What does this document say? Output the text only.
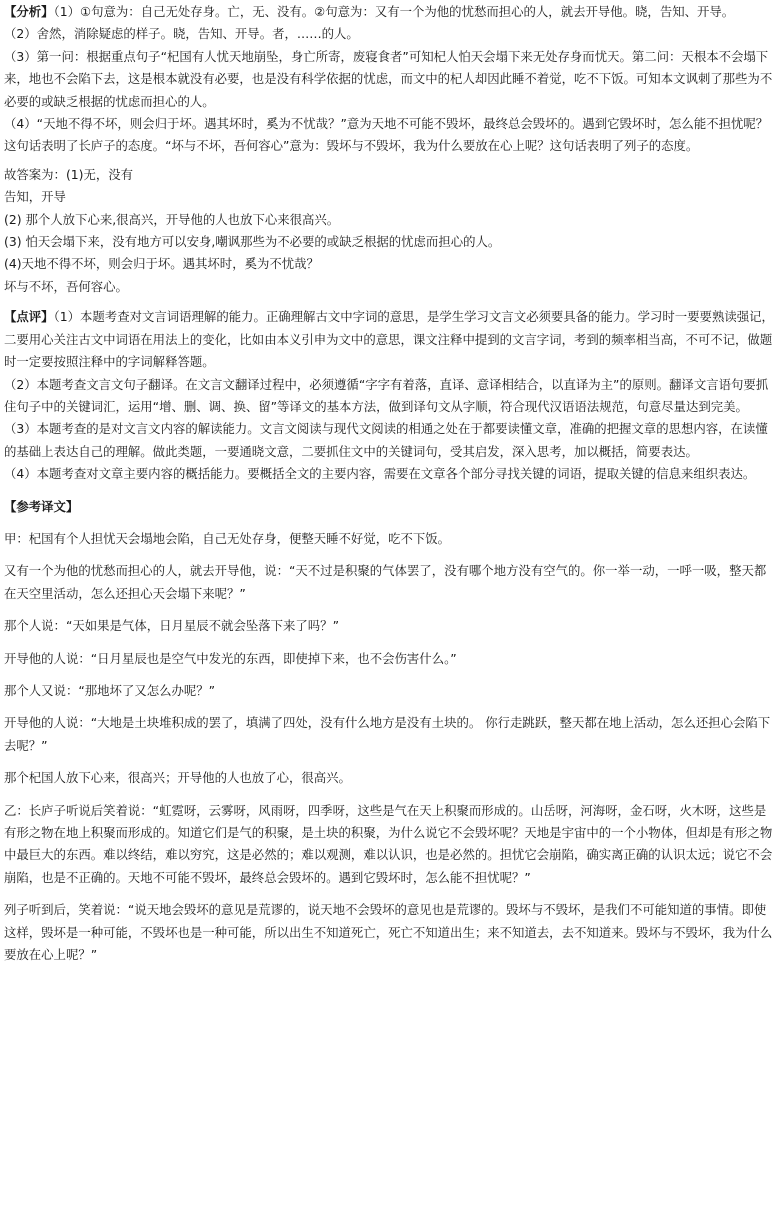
【分析】（1）①句意为：自己无处存身。亡，无、没有。②句意为：又有一个为他的忧愁而担心的人，就去开导他。晓，告知、开导。

（2）舍然，消除疑虑的样子。晓，告知、开导。者，……的人。

（3）第一问：根据重点句子“杞国有人忧天地崩坠，身亡所寄，废寝食者”可知杞人怕天会塌下来无处存身而忧天。第二问：天根本不会塌下来，地也不会陷下去，这是根本就没有必要，也是没有科学依据的忧虑，而文中的杞人却因此睡不着觉，吃不下饭。可知本文讽刺了那些为不必要的或缺乏根据的忧虑而担心的人。

（4）“天地不得不坏，则会归于坏。遇其坏时，奚为不忧哉？”意为天地不可能不毁坏，最终总会毁坏的。遇到它毁坏时，怎么能不担忧呢？这句话表明了长庐子的态度。“坏与不坏，吾何容心”意为：毁坏与不毁坏，我为什么要放在心上呢？这句话表明了列子的态度。

故答案为：(1)无，没有

告知，开导

(2) 那个人放下心来,很高兴，开导他的人也放下心来很高兴。

(3) 怕天会塌下来，没有地方可以安身,嘲讽那些为不必要的或缺乏根据的忧虑而担心的人。

(4)天地不得不坏，则会归于坏。遇其坏时，奚为不忧哉？

坏与不坏，吾何容心。

【点评】（1）本题考查对文言词语理解的能力。正确理解古文中字词的意思，是学生学习文言文必须要具备的能力。学习时一要要熟读强记，二要用心关注古文中词语在用法上的变化，比如由本义引申为文中的意思，课文注释中提到的文言字词，考到的频率相当高，不可不记，做题时一定要按照注释中的字词解释答题。

（2）本题考查文言文句子翻译。在文言文翻译过程中，必须遵循“字字有着落，直译、意译相结合，以直译为主”的原则。翻译文言语句要抓住句子中的关键词汇，运用“增、删、调、换、留”等译文的基本方法，做到译句文从字顺，符合现代汉语语法规范，句意尽量达到完美。

（3）本题考查的是对文言文内容的解读能力。文言文阅读与现代文阅读的相通之处在于都要读懂文章，准确的把握文章的思想内容，在读懂的基础上表达自己的理解。做此类题，一要通晓文意，二要抓住文中的关键词句，受其启发，深入思考，加以概括，简要表达。

（4）本题考查对文章主要内容的概括能力。要概括全文的主要内容，需要在文章各个部分寻找关键的词语，提取关键的信息来组织表达。

【参考译文】

甲：杞国有个人担忧天会塌地会陷，自己无处存身，便整天睡不好觉，吃不下饭。

又有一个为他的忧愁而担心的人，就去开导他，说：“天不过是积聚的气体罢了，没有哪个地方没有空气的。你一举一动，一呼一吸，整天都在天空里活动，怎么还担心天会塌下来呢？”

那个人说：“天如果是气体，日月星辰不就会坠落下来了吗？”

开导他的人说：“日月星辰也是空气中发光的东西，即使掉下来，也不会伤害什么。”

那个人又说：“那地坏了又怎么办呢？”

开导他的人说：“大地是土块堆积成的罢了，填满了四处，没有什么地方是没有土块的。 你行走跳跃，整天都在地上活动，怎么还担心会陷下去呢？”

那个杞国人放下心来，很高兴；开导他的人也放了心，很高兴。

乙：长庐子听说后笑着说：“虹霓呀，云雾呀，风雨呀，四季呀，这些是气在天上积聚而形成的。山岳呀，河海呀，金石呀，火木呀，这些是有形之物在地上积聚而形成的。知道它们是气的积聚，是土块的积聚，为什么说它不会毁坏呢？天地是宇宙中的一个小物体，但却是有形之物中最巨大的东西。难以终结，难以穷究，这是必然的；难以观测，难以认识，也是必然的。担忧它会崩陷，确实离正确的认识太远；说它不会崩陷，也是不正确的。天地不可能不毁坏，最终总会毁坏的。遇到它毁坏时，怎么能不担忧呢？”

列子听到后，笑着说：“说天地会毁坏的意见是荒谬的，说天地不会毁坏的意见也是荒谬的。毁坏与不毁坏，是我们不可能知道的事情。即使这样，毁坏是一种可能，不毁坏也是一种可能，所以出生不知道死亡，死亡不知道出生；来不知道去，去不知道来。毁坏与不毁坏，我为什么要放在心上呢？”
